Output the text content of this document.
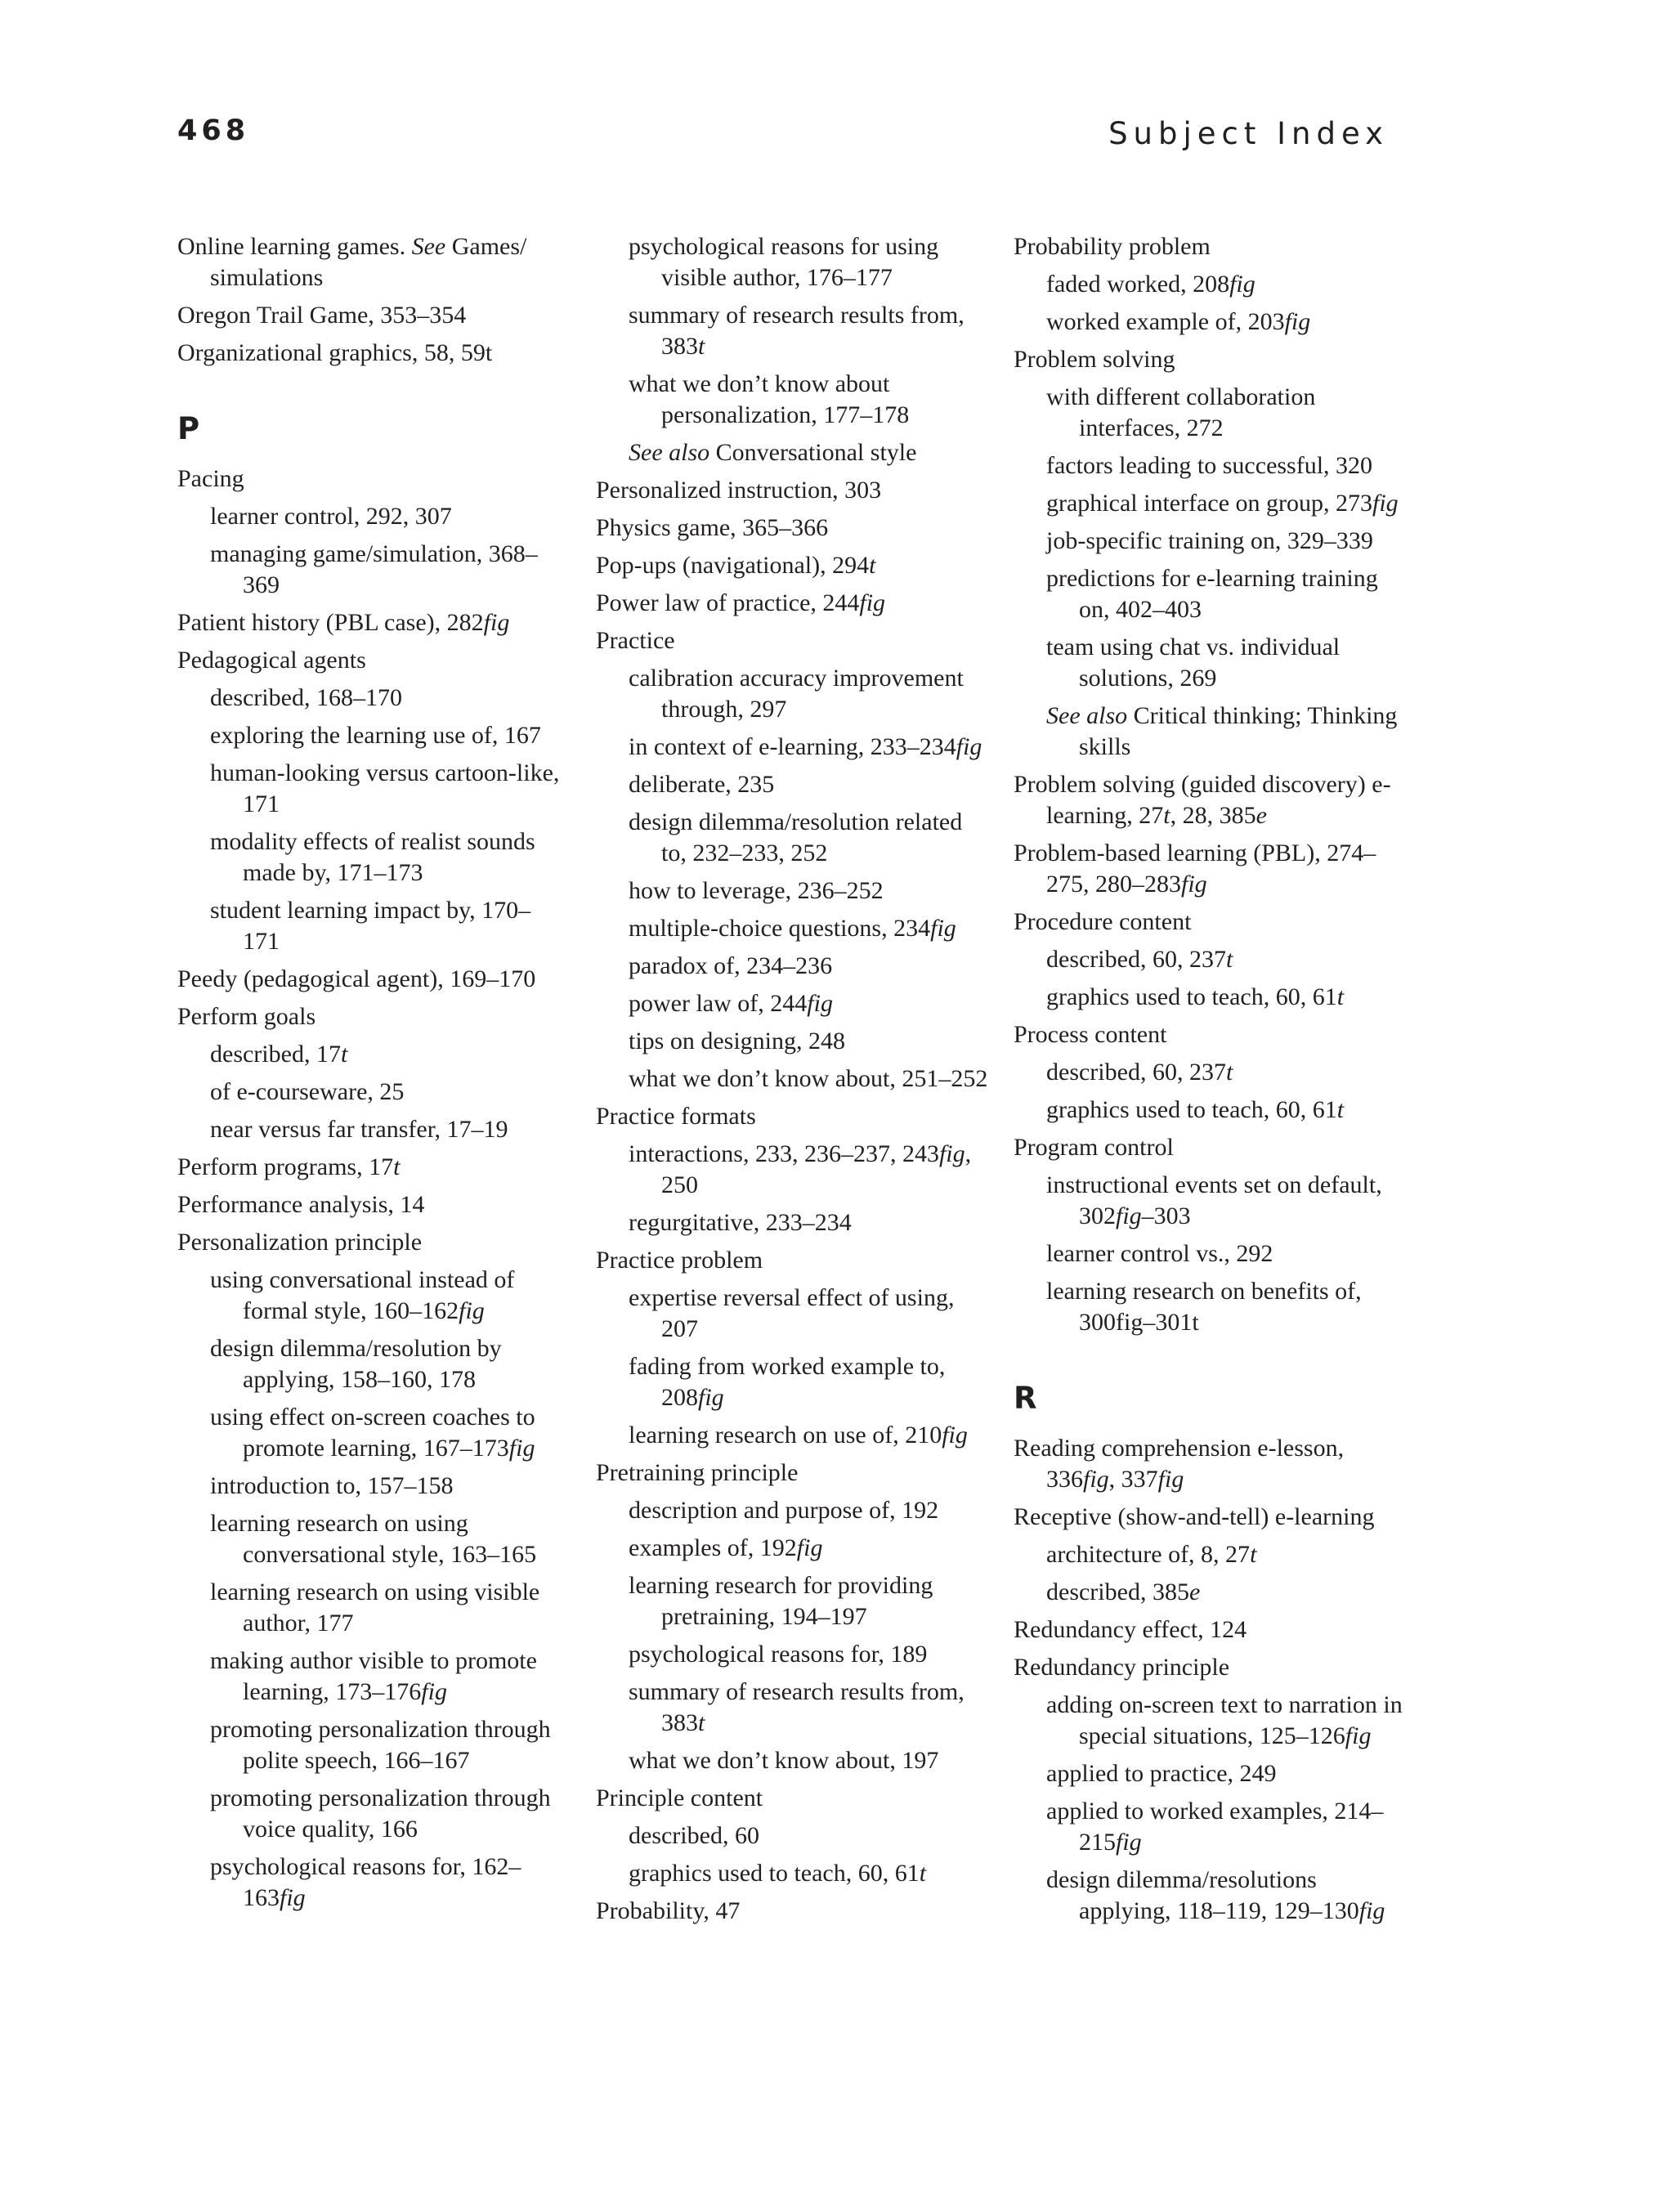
468	Subject Index
Online learning games. See Games/ simulations
Oregon Trail Game, 353–354
Organizational graphics, 58, 59t
P
Pacing
learner control, 292, 307
managing game/simulation, 368–369
Patient history (PBL case), 282fig
Pedagogical agents
described, 168–170
exploring the learning use of, 167
human-looking versus cartoon-like, 171
modality effects of realist sounds made by, 171–173
student learning impact by, 170–171
Peedy (pedagogical agent), 169–170
Perform goals
described, 17t
of e-courseware, 25
near versus far transfer, 17–19
Perform programs, 17t
Performance analysis, 14
Personalization principle
using conversational instead of formal style, 160–162fig
design dilemma/resolution by applying, 158–160, 178
using effect on-screen coaches to promote learning, 167–173fig
introduction to, 157–158
learning research on using conversational style, 163–165
learning research on using visible author, 177
making author visible to promote learning, 173–176fig
promoting personalization through polite speech, 166–167
promoting personalization through voice quality, 166
psychological reasons for, 162–163fig
psychological reasons for using visible author, 176–177
summary of research results from, 383t
what we don’t know about personalization, 177–178
See also Conversational style
Personalized instruction, 303
Physics game, 365–366
Pop-ups (navigational), 294t
Power law of practice, 244fig
Practice
calibration accuracy improvement through, 297
in context of e-learning, 233–234fig
deliberate, 235
design dilemma/resolution related to, 232–233, 252
how to leverage, 236–252
multiple-choice questions, 234fig
paradox of, 234–236
power law of, 244fig
tips on designing, 248
what we don’t know about, 251–252
Practice formats
interactions, 233, 236–237, 243fig, 250
regurgitative, 233–234
Practice problem
expertise reversal effect of using, 207
fading from worked example to, 208fig
learning research on use of, 210fig
Pretraining principle
description and purpose of, 192
examples of, 192fig
learning research for providing pretraining, 194–197
psychological reasons for, 189
summary of research results from, 383t
what we don’t know about, 197
Principle content
described, 60
graphics used to teach, 60, 61t
Probability, 47
Probability problem
faded worked, 208fig
worked example of, 203fig
Problem solving
with different collaboration interfaces, 272
factors leading to successful, 320
graphical interface on group, 273fig
job-specific training on, 329–339
predictions for e-learning training on, 402–403
team using chat vs. individual solutions, 269
See also Critical thinking; Thinking skills
Problem solving (guided discovery) e-learning, 27t, 28, 385e
Problem-based learning (PBL), 274–275, 280–283fig
Procedure content
described, 60, 237t
graphics used to teach, 60, 61t
Process content
described, 60, 237t
graphics used to teach, 60, 61t
Program control
instructional events set on default, 302fig–303
learner control vs., 292
learning research on benefits of, 300fig–301t
R
Reading comprehension e-lesson, 336fig, 337fig
Receptive (show-and-tell) e-learning
architecture of, 8, 27t
described, 385e
Redundancy effect, 124
Redundancy principle
adding on-screen text to narration in special situations, 125–126fig
applied to practice, 249
applied to worked examples, 214–215fig
design dilemma/resolutions applying, 118–119, 129–130fig
